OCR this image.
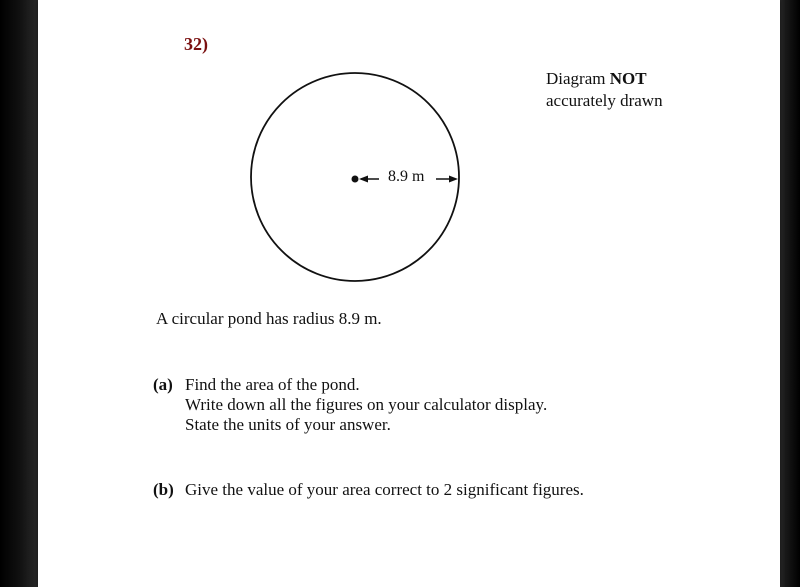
32)
Diagram NOT
accurately drawn
8.9 m
A circular pond has radius 8.9 m.
(a) Find the area of the pond.
Write down all the figures on your calculator display.
State the units of your answer.
(b) Give the value of your area correct to 2 significant figures.
